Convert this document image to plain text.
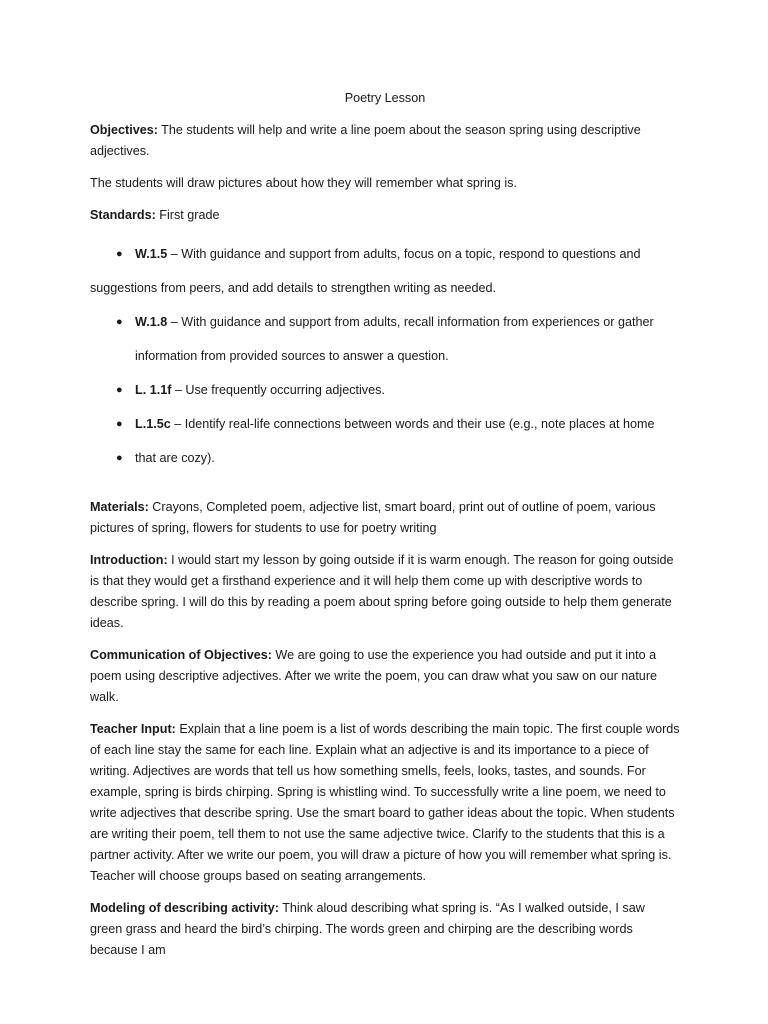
Poetry Lesson

Objectives: The students will help and write a line poem about the season spring using descriptive adjectives.

The students will draw pictures about how they will remember what spring is.

Standards: First grade

● W.1.5 – With guidance and support from adults, focus on a topic, respond to questions and
suggestions from peers, and add details to strengthen writing as needed.
● W.1.8 – With guidance and support from adults, recall information from experiences or gather
information from provided sources to answer a question.
● L. 1.1f – Use frequently occurring adjectives.
● L.1.5c – Identify real-life connections between words and their use (e.g., note places at home
● that are cozy).

Materials: Crayons, Completed poem, adjective list, smart board, print out of outline of poem, various pictures of spring, flowers for students to use for poetry writing

Introduction: I would start my lesson by going outside if it is warm enough. The reason for going outside is that they would get a firsthand experience and it will help them come up with descriptive words to describe spring. I will do this by reading a poem about spring before going outside to help them generate ideas.

Communication of Objectives: We are going to use the experience you had outside and put it into a poem using descriptive adjectives. After we write the poem, you can draw what you saw on our nature walk.

Teacher Input: Explain that a line poem is a list of words describing the main topic. The first couple words of each line stay the same for each line. Explain what an adjective is and its importance to a piece of writing. Adjectives are words that tell us how something smells, feels, looks, tastes, and sounds. For example, spring is birds chirping. Spring is whistling wind. To successfully write a line poem, we need to write adjectives that describe spring. Use the smart board to gather ideas about the topic. When students are writing their poem, tell them to not use the same adjective twice. Clarify to the students that this is a partner activity. After we write our poem, you will draw a picture of how you will remember what spring is. Teacher will choose groups based on seating arrangements.

Modeling of describing activity: Think aloud describing what spring is. “As I walked outside, I saw green grass and heard the bird’s chirping. The words green and chirping are the describing words because I am
